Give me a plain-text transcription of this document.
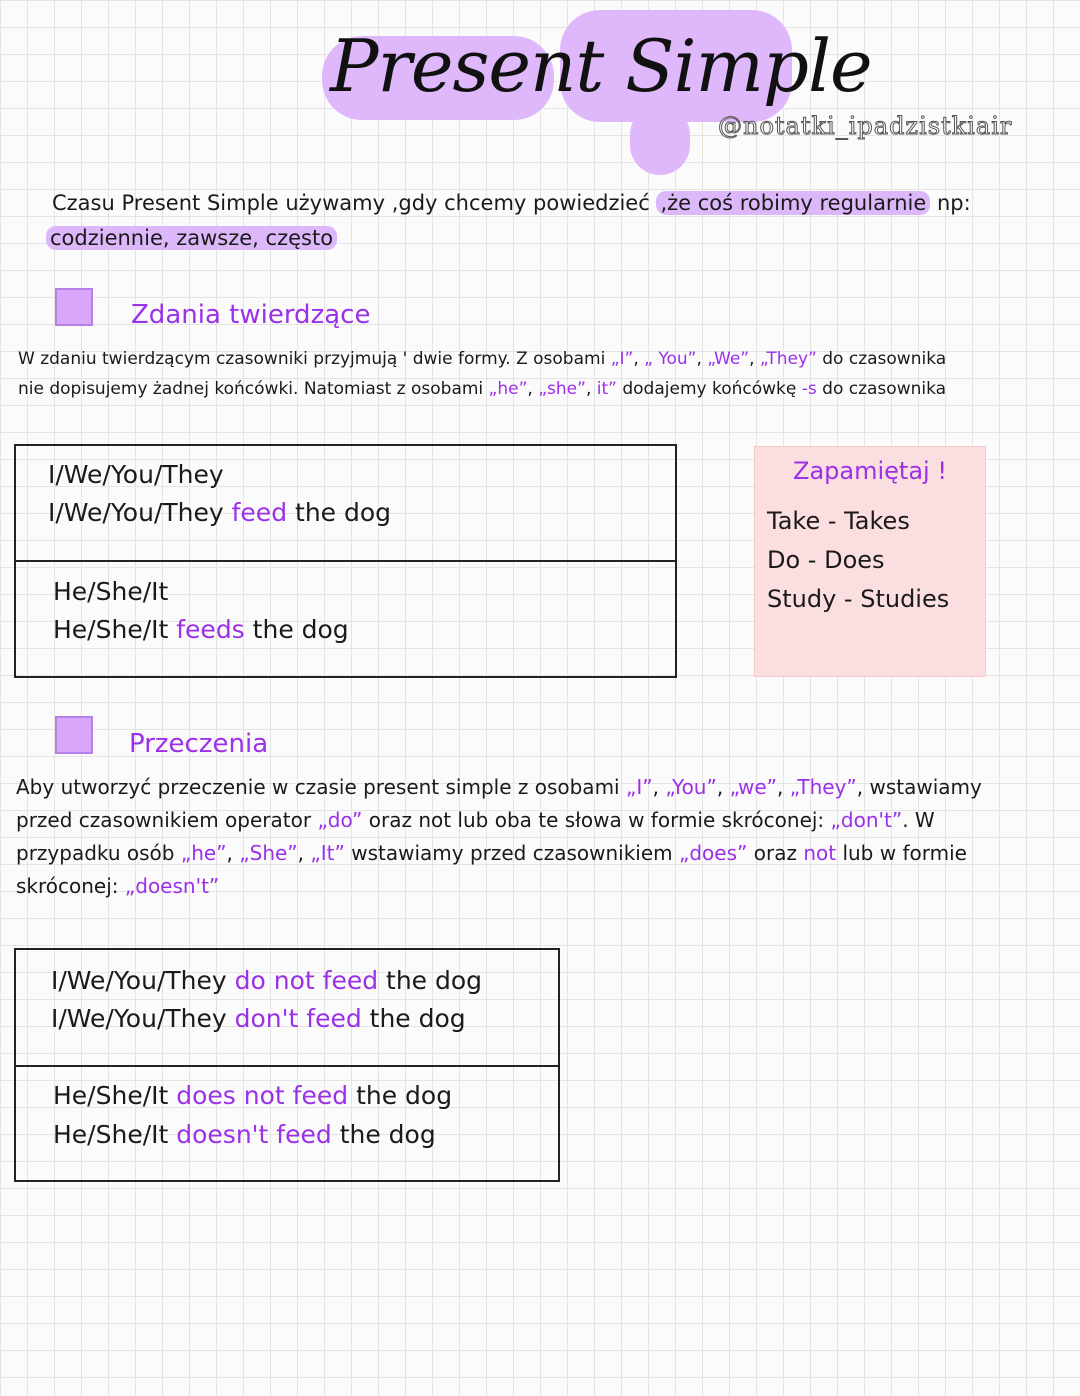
Present Simple
@notatki_ipadzistkiair
Czasu Present Simple używamy ,gdy chcemy powiedzieć ,że coś robimy regularnie np:
codziennie, zawsze, często
Zdania twierdzące
W zdaniu twierdzącym czasowniki przyjmują ' dwie formy. Z osobami „I”, „ You”, „We”, „They” do czasownika
nie dopisujemy żadnej końcówki. Natomiast z osobami „he”, „she”, it” dodajemy końcówkę -s do czasownika
I/We/You/They
I/We/You/They feed the dog
He/She/It
He/She/It feeds the dog
Zapamiętaj !
Take - Takes
Do - Does
Study - Studies
Przeczenia
Aby utworzyć przeczenie w czasie present simple z osobami „I”, „You”, „we”, „They”, wstawiamy
przed czasownikiem operator „do” oraz not lub oba te słowa w formie skróconej: „don't”. W
przypadku osób „he”, „She”, „It” wstawiamy przed czasownikiem „does” oraz not lub w formie
skróconej: „doesn't”
I/We/You/They do not feed the dog
I/We/You/They don't feed the dog
He/She/It does not feed the dog
He/She/It doesn't feed the dog
